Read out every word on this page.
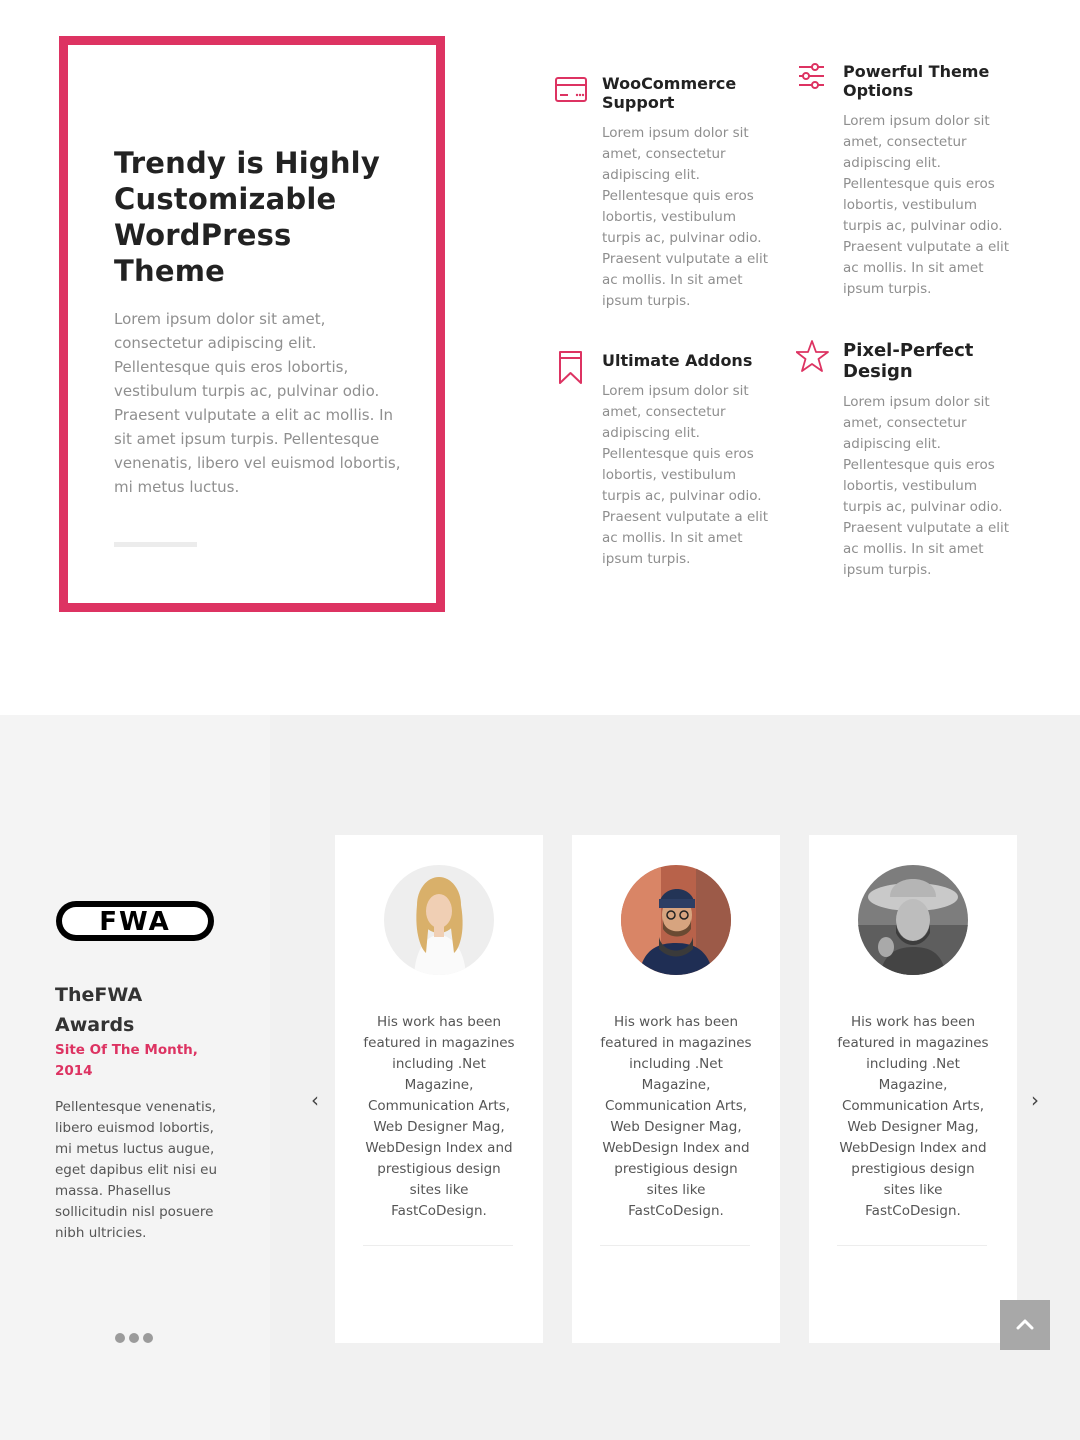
Trendy is Highly
Customizable
WordPress
Theme

Lorem ipsum dolor sit amet, consectetur adipiscing elit. Pellentesque quis eros lobortis, vestibulum turpis ac, pulvinar odio. Praesent vulputate a elit ac mollis. In sit amet ipsum turpis. Pellentesque venenatis, libero vel euismod lobortis, mi metus luctus.

WooCommerce
Support

Lorem ipsum dolor sit
amet, consectetur
adipiscing elit.
Pellentesque quis eros
lobortis, vestibulum
turpis ac, pulvinar odio.
Praesent vulputate a elit
ac mollis. In sit amet
ipsum turpis.

Powerful Theme
Options

Lorem ipsum dolor sit
amet, consectetur
adipiscing elit.
Pellentesque quis eros
lobortis, vestibulum
turpis ac, pulvinar odio.
Praesent vulputate a elit
ac mollis. In sit amet
ipsum turpis.

Ultimate Addons

Lorem ipsum dolor sit
amet, consectetur
adipiscing elit.
Pellentesque quis eros
lobortis, vestibulum
turpis ac, pulvinar odio.
Praesent vulputate a elit
ac mollis. In sit amet
ipsum turpis.

Pixel-Perfect
Design

Lorem ipsum dolor sit
amet, consectetur
adipiscing elit.
Pellentesque quis eros
lobortis, vestibulum
turpis ac, pulvinar odio.
Praesent vulputate a elit
ac mollis. In sit amet
ipsum turpis.

FWA
TheFWA
Awards

Site Of The Month,
2014

Pellentesque venenatis,
libero euismod lobortis,
mi metus luctus augue,
eget dapibus elit nisi eu
massa. Phasellus
sollicitudin nisl posuere
nibh ultricies.

‹	›

His work has been
featured in magazines
including .Net
Magazine,
Communication Arts,
Web Designer Mag,
WebDesign Index and
prestigious design
sites like
FastCoDesign.

His work has been
featured in magazines
including .Net
Magazine,
Communication Arts,
Web Designer Mag,
WebDesign Index and
prestigious design
sites like
FastCoDesign.

His work has been
featured in magazines
including .Net
Magazine,
Communication Arts,
Web Designer Mag,
WebDesign Index and
prestigious design
sites like
FastCoDesign.
